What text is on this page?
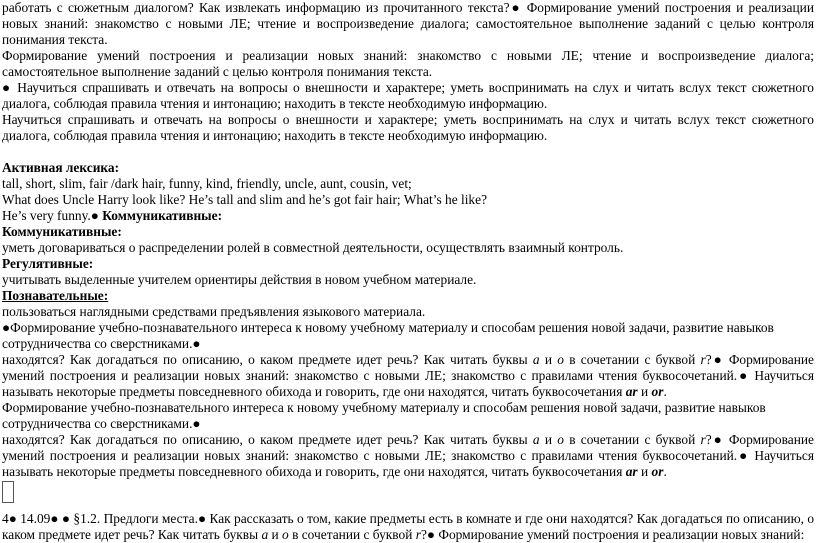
работать с сюжетным диалогом? Как извлекать информацию из прочитанного текста?● Формирование умений построения и реализации новых знаний: знакомство с новыми ЛЕ; чтение и воспроизведение диалога; самостоятельное выполнение заданий с целью контроля понимания текста.

Формирование умений построения и реализации новых знаний: знакомство с новыми ЛЕ; чтение и воспроизведение диалога; самостоятельное выполнение заданий с целью контроля понимания текста.

● Научиться спрашивать и отвечать на вопросы о внешности и характере; уметь воспринимать на слух и читать вслух текст сюжетного диалога, соблюдая правила чтения и интонацию; находить в тексте необходимую информацию.

Научиться спрашивать и отвечать на вопросы о внешности и характере; уметь воспринимать на слух и читать вслух текст сюжетного диалога, соблюдая правила чтения и интонацию; находить в тексте необходимую информацию.

Активная лексика:

tall, short, slim, fair /dark hair, funny, kind, friendly, uncle, aunt, cousin, vet;

What does Uncle Harry look like? He’s tall and slim and he’s got fair hair; What’s he like?

He’s very funny.● Коммуникативные:

Коммуникативные:

уметь договариваться о распределении ролей в совместной деятельности, осуществлять взаимный контроль.

Регулятивные:

учитывать выделенные учителем ориентиры действия в новом учебном материале.

Познавательные:

пользоваться наглядными средствами предъявления языкового материала.

●Формирование учебно-познавательного интереса к новому учебному материалу и способам решения новой задачи, развитие навыков сотрудничества со сверстниками.●

находятся? Как догадаться по описанию, о каком предмете идет речь? Как читать буквы а и о в сочетании с буквой r?● Формирование умений построения и реализации новых знаний: знакомство с новыми ЛЕ; знакомство с правилами чтения буквосочетаний.● Научиться называть некоторые предметы повседневного обихода и говорить, где они находятся, читать буквосочетания ar и or.

Формирование учебно-познавательного интереса к новому учебному материалу и способам решения новой задачи, развитие навыков сотрудничества со сверстниками.●

находятся? Как догадаться по описанию, о каком предмете идет речь? Как читать буквы а и о в сочетании с буквой r?● Формирование умений построения и реализации новых знаний: знакомство с новыми ЛЕ; знакомство с правилами чтения буквосочетаний.● Научиться называть некоторые предметы повседневного обихода и говорить, где они находятся, читать буквосочетания ar и or.

4● 14.09● ● §1.2. Предлоги места.● Как рассказать о том, какие предметы есть в комнате и где они находятся? Как догадаться по описанию, о каком предмете идет речь? Как читать буквы а и о в сочетании с буквой r?● Формирование умений построения и реализации новых знаний:
